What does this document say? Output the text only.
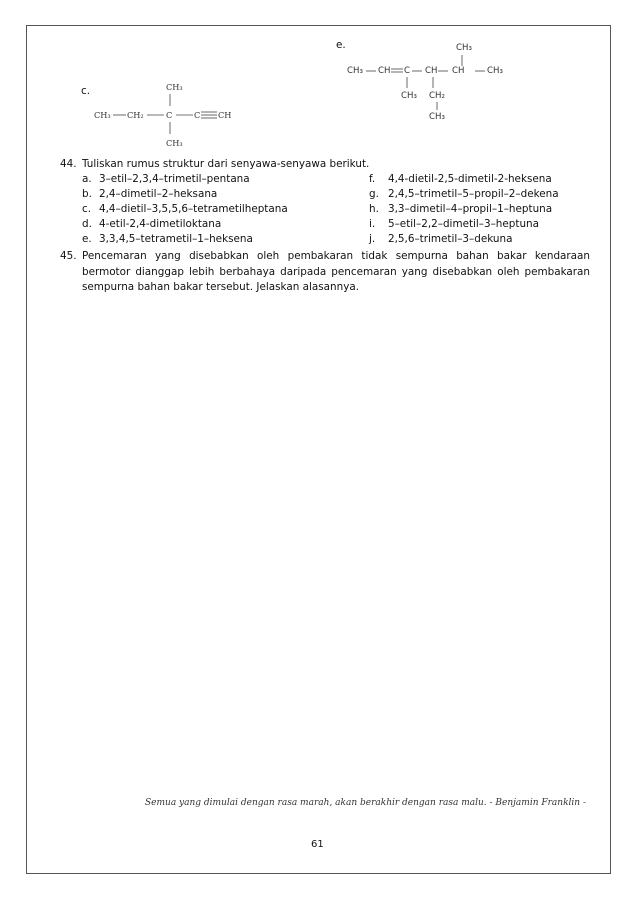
c.	CH₃
CH₃ CH₂	C	C CH
CH₃
e.	CH₃
CH₃ CH C CH CH	CH₃
CH₃ CH₂
CH₃
44. Tuliskan rumus struktur dari senyawa-senyawa berikut.
a. 3–etil–2,3,4–trimetil–pentana
b. 2,4–dimetil–2–heksana
c. 4,4–dietil–3,5,5,6–tetrametilheptana
d. 4-etil-2,4-dimetiloktana
e. 3,3,4,5–tetrametil–1–heksena
f. 4,4-dietil-2,5-dimetil-2-heksena
g. 2,4,5–trimetil–5–propil–2–dekena
h. 3,3–dimetil–4–propil–1–heptuna
i. 5–etil–2,2–dimetil–3–heptuna
j. 2,5,6–trimetil–3–dekuna
45. Pencemaran yang disebabkan oleh pembakaran tidak sempurna bahan bakar kendaraan bermotor dianggap lebih berbahaya daripada pencemaran yang disebabkan oleh pembakaran sempurna bahan bakar tersebut. Jelaskan alasannya.
Semua yang dimulai dengan rasa marah, akan berakhir dengan rasa malu. - Benjamin Franklin -
61
